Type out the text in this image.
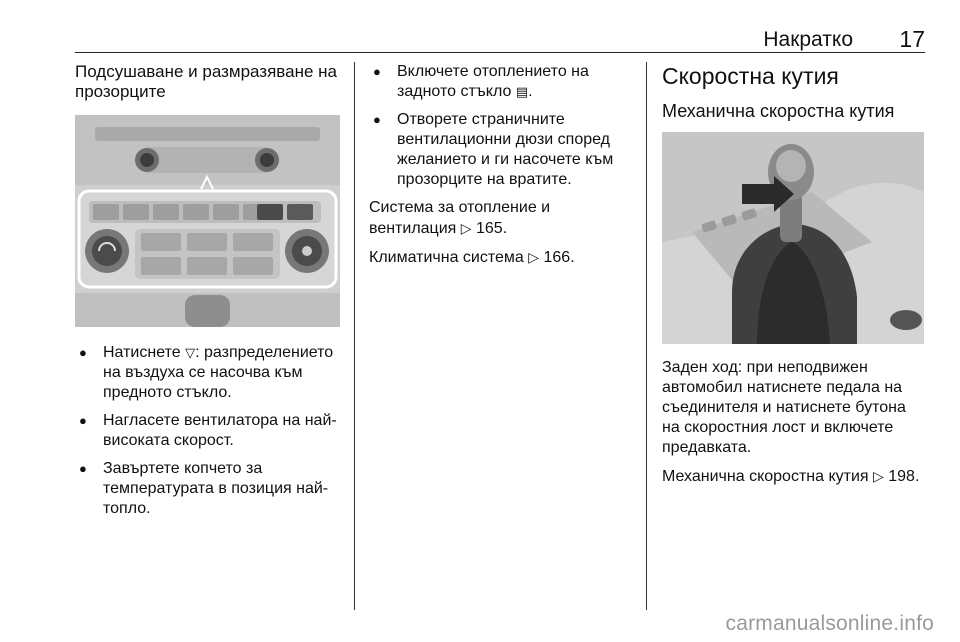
Накратко 17
Подсушаване и размразяване на прозорците
● Натиснете ▽: разпределението на въздуха се насочва към предното стъкло.
● Нагласете вентилатора на най-високата скорост.
● Завъртете копчето за температурата в позиция най-топло.
● Включете отоплението на задното стъкло ▤.
● Отворете страничните вентилационни дюзи според желанието и ги насочете към прозорците на вратите.

Система за отопление и вентилация ▷ 165.

Климатична система ▷ 166.

Скоростна кутия
Механична скоростна кутия

Заден ход: при неподвижен автомобил натиснете педала на съединителя и натиснете бутона на скоростния лост и включете предавката.

Механична скоростна кутия ▷ 198.

carmanualsonline.info
